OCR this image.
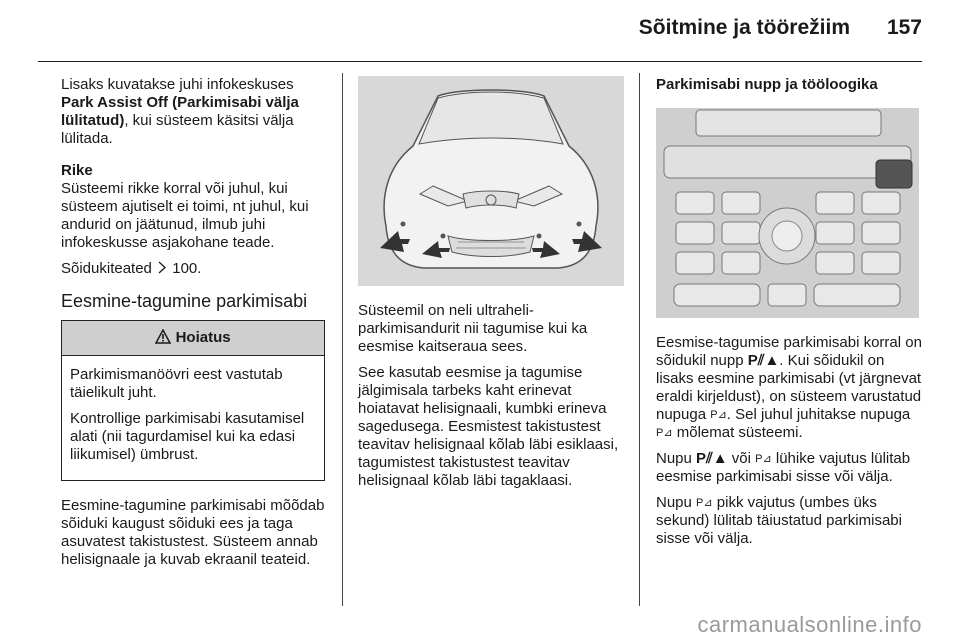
Sõitmine ja töörežiim 157

Lisaks kuvatakse juhi infokeskuses Park Assist Off (Parkimisabi välja lülitatud), kui süsteem käsitsi välja lülitada.

Rike
Süsteemi rikke korral või juhul, kui süsteem ajutiselt ei toimi, nt juhul, kui andurid on jäätunud, ilmub juhi infokeskusse asjakohane teade.

Sõidukiteated 100.

Eesmine-tagumine parkimisabi
Hoiatus

Parkimismanöövri eest vastutab täielikult juht.

Kontrollige parkimisabi kasutamisel alati (nii tagurdamisel kui ka edasi liikumisel) ümbrust.

Eesmine-tagumine parkimisabi mõõdab sõiduki kaugust sõiduki ees ja taga asuvatest takistustest. Süsteem annab helisignaale ja kuvab ekraanil teateid.

Süsteemil on neli ultraheli-parkimisandurit nii tagumise kui ka eesmise kaitseraua sees.

See kasutab eesmise ja tagumise jälgimisala tarbeks kaht erinevat hoiatavat helisignaali, kumbki erineva sagedusega. Eesmistest takistustest teavitav helisignaal kõlab läbi esiklaasi, tagumistest takistustest teavitav helisignaal kõlab läbi tagaklaasi.

Parkimisabi nupp ja tööloogika

Eesmise-tagumise parkimisabi korral on sõidukil nupp P⫽▲. Kui sõidukil on lisaks eesmine parkimisabi (vt järgnevat eraldi kirjeldust), on süsteem varustatud nupuga P⊿. Sel juhul juhitakse nupuga P⊿ mõlemat süsteemi.

Nupu P⫽▲ või P⊿ lühike vajutus lülitab eesmise parkimisabi sisse või välja.

Nupu P⊿ pikk vajutus (umbes üks sekund) lülitab täiustatud parkimisabi sisse või välja.

carmanualsonline.info
